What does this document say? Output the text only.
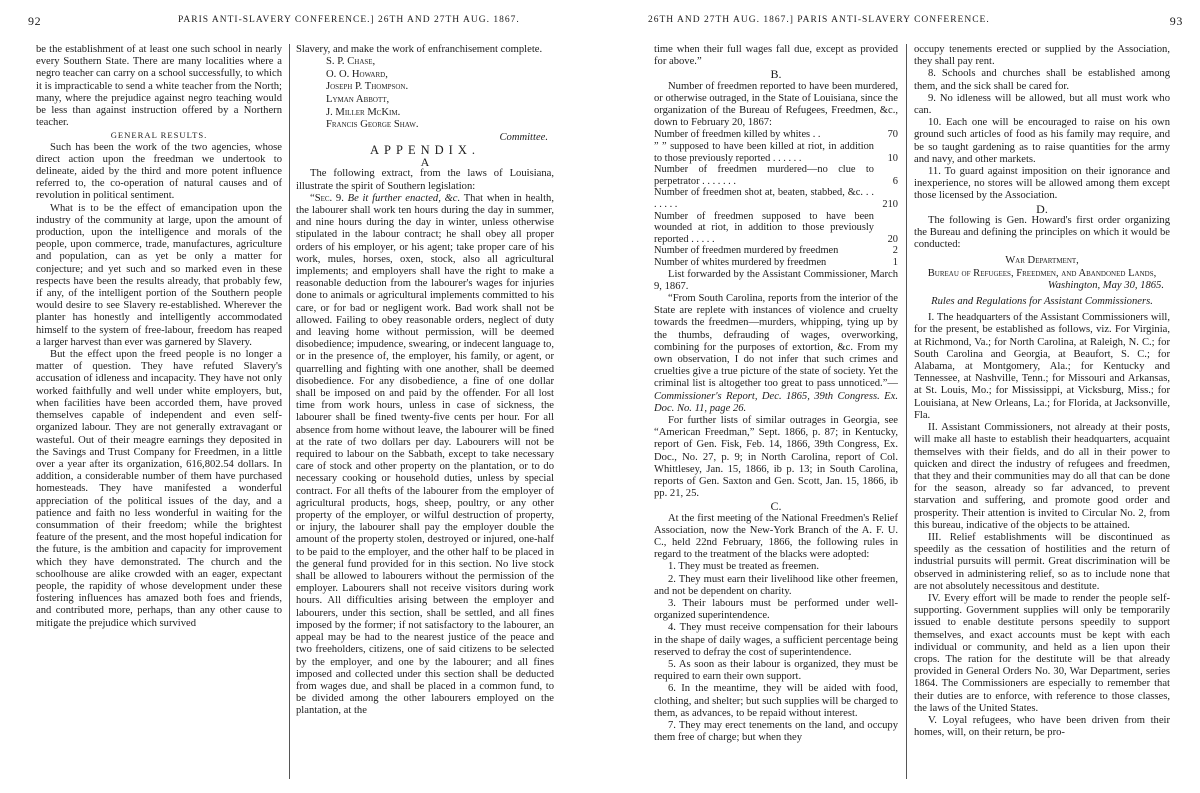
92	PARIS ANTI-SLAVERY CONFERENCE.] 26TH AND 27TH AUG. 1867.

be the establishment of at least one such school in nearly every Southern State. There are many localities where a negro teacher can carry on a school successfully, to which it is impracticable to send a white teacher from the North; many, where the prejudice against negro teaching would be less than against instruction offered by a Northern teacher.

GENERAL RESULTS.

Such has been the work of the two agencies, whose direct action upon the freedman we undertook to delineate, aided by the third and more potent influence referred to, the co-operation of natural causes and of revolution in political sentiment.

What is to be the effect of emancipation upon the industry of the community at large, upon the amount of production, upon the intelligence and morals of the people, upon commerce, trade, manufactures, agriculture and population, can as yet be only a matter for conjecture; and yet such and so marked even in these respects have been the results already, that probably few, if any, of the intelligent portion of the Southern people would desire to see Slavery re-established. Wherever the planter has honestly and intelligently accommodated himself to the system of free-labour, freedom has reaped a larger harvest than ever was garnered by Slavery.

But the effect upon the freed people is no longer a matter of question. They have refuted Slavery's accusation of idleness and incapacity. They have not only worked faithfully and well under white employers, but, when facilities have been accorded them, have proved themselves capable of independent and even self-organized labour. They are not generally extravagant or wasteful. Out of their meagre earnings they deposited in the Savings and Trust Company for Freedmen, in a little over a year after its organization, 616,802.54 dollars. In addition, a considerable number of them have purchased homesteads. They have manifested a wonderful appreciation of the political issues of the day, and a patience and faith no less wonderful in waiting for the consummation of their freedom; while the brightest feature of the present, and the most hopeful indication for the future, is the ambition and capacity for improvement which they have demonstrated. The church and the schoolhouse are alike crowded with an eager, expectant people, the rapidity of whose development under these fostering influences has amazed both foes and friends, and contributed more, perhaps, than any other cause to mitigate the prejudice which survived

Slavery, and make the work of enfranchisement complete.

S. P. Chase,
O. O. Howard,
Joseph P. Thompson.
Lyman Abbott,
J. Miller McKim.
Francis George Shaw.

Committee.

APPENDIX.

A

The following extract, from the laws of Louisiana, illustrate the spirit of Southern legislation:

“Sec. 9. Be it further enacted, &c. That when in health, the labourer shall work ten hours during the day in summer, and nine hours during the day in winter, unless otherwise stipulated in the labour contract; he shall obey all proper orders of his employer, or his agent; take proper care of his work, mules, horses, oxen, stock, also all agricultural implements; and employers shall have the right to make a reasonable deduction from the labourer's wages for injuries done to animals or agricultural implements committed to his care, or for bad or negligent work. Bad work shall not be allowed. Failing to obey reasonable orders, neglect of duty and leaving home without permission, will be deemed disobedience; impudence, swearing, or indecent language to, or in the presence of, the employer, his family, or agent, or quarrelling and fighting with one another, shall be deemed disobedience. For any disobedience, a fine of one dollar shall be imposed on and paid by the offender. For all lost time from work hours, unless in case of sickness, the labourer shall be fined twenty-five cents per hour. For all absence from home without leave, the labourer will be fined at the rate of two dollars per day. Labourers will not be required to labour on the Sabbath, except to take necessary care of stock and other property on the plantation, or to do necessary cooking or household duties, unless by special contract. For all thefts of the labourer from the employer of agricultural products, hogs, sheep, poultry, or any other property of the employer, or wilful destruction of property, or injury, the labourer shall pay the employer double the amount of the property stolen, destroyed or injured, one-half to be paid to the employer, and the other half to be placed in the general fund provided for in this section. No live stock shall be allowed to labourers without the permission of the employer. Labourers shall not receive visitors during work hours. All difficulties arising between the employer and labourers, under this section, shall be settled, and all fines imposed by the former; if not satisfactory to the labourer, an appeal may be had to the nearest justice of the peace and two freeholders, citizens, one of said citizens to be selected by the employer, and one by the labourer; and all fines imposed and collected under this section shall be deducted from wages due, and shall be placed in a common fund, to be divided among the other labourers employed on the plantation, at the

26TH AND 27TH AUG. 1867.] PARIS ANTI-SLAVERY CONFERENCE.	93

time when their full wages fall due, except as provided for above.”

B.

Number of freedmen reported to have been murdered, or otherwise outraged, in the State of Louisiana, since the organization of the Bureau of Refugees, Freedmen, &c., down to February 20, 1867:

Number of freedmen killed by whites . .	70
” ” supposed to have been killed at riot, in addition to those previously reported . . . . . .	10
Number of freedmen murdered—no clue to perpetrator . . . . . . .	6
Number of freedmen shot at, beaten, stabbed, &c. . . . . . . .	210
Number of freedmen supposed to have been wounded at riot, in addition to those previously reported . . . . .	20
Number of freedmen murdered by freedmen	2
Number of whites murdered by freedmen	1

List forwarded by the Assistant Commissioner, March 9, 1867.

“From South Carolina, reports from the interior of the State are replete with instances of violence and cruelty towards the freedmen—murders, whipping, tying up by the thumbs, defrauding of wages, overworking, combining for the purposes of extortion, &c. From my own observation, I do not infer that such crimes and cruelties give a true picture of the state of society. Yet the criminal list is altogether too great to pass unnoticed.”—Commissioner's Report, Dec. 1865, 39th Congress. Ex. Doc. No. 11, page 26.

For further lists of similar outrages in Georgia, see “American Freedman,” Sept. 1866, p. 87; in Kentucky, report of Gen. Fisk, Feb. 14, 1866, 39th Congress, Ex. Doc., No. 27, p. 9; in North Carolina, report of Col. Whittlesey, Jan. 15, 1866, ib p. 13; in South Carolina, reports of Gen. Saxton and Gen. Scott, Jan. 15, 1866, ib pp. 21, 25.

C.

At the first meeting of the National Freedmen's Relief Association, now the New-York Branch of the A. F. U. C., held 22nd February, 1866, the following rules in regard to the treatment of the blacks were adopted:

1. They must be treated as freemen.

2. They must earn their livelihood like other freemen, and not be dependent on charity.

3. Their labours must be performed under well-organized superintendence.

4. They must receive compensation for their labours in the shape of daily wages, a sufficient percentage being reserved to defray the cost of superintendence.

5. As soon as their labour is organized, they must be required to earn their own support.

6. In the meantime, they will be aided with food, clothing, and shelter; but such supplies will be charged to them, as advances, to be repaid without interest.

7. They may erect tenements on the land, and occupy them free of charge; but when they

occupy tenements erected or supplied by the Association, they shall pay rent.

8. Schools and churches shall be established among them, and the sick shall be cared for.

9. No idleness will be allowed, but all must work who can.

10. Each one will be encouraged to raise on his own ground such articles of food as his family may require, and be so taught gardening as to raise quantities for the army and navy, and other markets.

11. To guard against imposition on their ignorance and inexperience, no stores will be allowed among them except those licensed by the Association.

D.

The following is Gen. Howard's first order organizing the Bureau and defining the principles on which it would be conducted:

War Department,

Bureau of Refugees, Freedmen, and Abandoned Lands,

Washington, May 30, 1865.

Rules and Regulations for Assistant Commissioners.

I. The headquarters of the Assistant Commissioners will, for the present, be established as follows, viz. For Virginia, at Richmond, Va.; for North Carolina, at Raleigh, N. C.; for South Carolina and Georgia, at Beaufort, S. C.; for Alabama, at Montgomery, Ala.; for Kentucky and Tennessee, at Nashville, Tenn.; for Missouri and Arkansas, at St. Louis, Mo.; for Mississippi, at Vicksburg, Miss.; for Louisiana, at New Orleans, La.; for Florida, at Jacksonville, Fla.

II. Assistant Commissioners, not already at their posts, will make all haste to establish their headquarters, acquaint themselves with their fields, and do all in their power to quicken and direct the industry of refugees and freedmen, that they and their communities may do all that can be done for the season, already so far advanced, to prevent starvation and suffering, and promote good order and prosperity. Their attention is invited to Circular No. 2, from this bureau, indicative of the objects to be attained.

III. Relief establishments will be discontinued as speedily as the cessation of hostilities and the return of industrial pursuits will permit. Great discrimination will be observed in administering relief, so as to include none that are not absolutely necessitous and destitute.

IV. Every effort will be made to render the people self-supporting. Government supplies will only be temporarily issued to enable destitute persons speedily to support themselves, and exact accounts must be kept with each individual or community, and held as a lien upon their crops. The ration for the destitute will be that already provided in General Orders No. 30, War Department, series 1864. The Commissioners are especially to remember that their duties are to enforce, with reference to those classes, the laws of the United States.

V. Loyal refugees, who have been driven from their homes, will, on their return, be pro-
